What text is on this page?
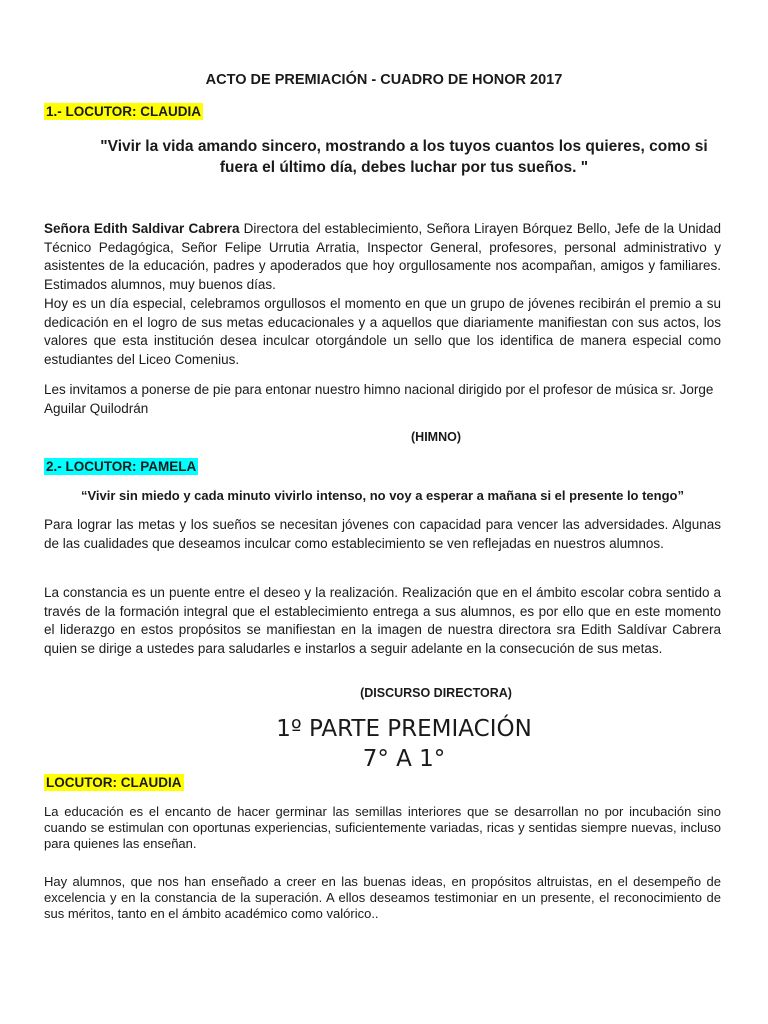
ACTO DE PREMIACIÓN - CUADRO DE HONOR 2017

1.- LOCUTOR: CLAUDIA

"Vivir la vida amando sincero, mostrando a los tuyos cuantos los quieres, como si fuera el último día, debes luchar por tus sueños. "

Señora Edith Saldivar Cabrera Directora del establecimiento, Señora Lirayen Bórquez Bello, Jefe de la Unidad Técnico Pedagógica, Señor Felipe Urrutia Arratia, Inspector General, profesores, personal administrativo y asistentes de la educación, padres y apoderados que hoy orgullosamente nos acompañan, amigos y familiares. Estimados alumnos, muy buenos días.

Hoy es un día especial, celebramos orgullosos el momento en que un grupo de jóvenes recibirán el premio a su dedicación en el logro de sus metas educacionales y a aquellos que diariamente manifiestan con sus actos, los valores que esta institución desea inculcar otorgándole un sello que los identifica de manera especial como estudiantes del Liceo Comenius.

Les invitamos a ponerse de pie para entonar nuestro himno nacional dirigido por el profesor de música sr. Jorge Aguilar Quilodrán

(HIMNO)

2.- LOCUTOR: PAMELA

“Vivir sin miedo y cada minuto vivirlo intenso, no voy a esperar a mañana si el presente lo tengo”

Para lograr las metas y los sueños se necesitan jóvenes con capacidad para vencer las adversidades. Algunas de las cualidades que deseamos inculcar como establecimiento se ven reflejadas en nuestros alumnos.

La constancia es un puente entre el deseo y la realización. Realización que en el ámbito escolar cobra sentido a través de la formación integral que el establecimiento entrega a sus alumnos, es por ello que en este momento el liderazgo en estos propósitos se manifiestan en la imagen de nuestra directora sra Edith Saldívar Cabrera quien se dirige a ustedes para saludarles e instarlos a seguir adelante en la consecución de sus metas.

(DISCURSO DIRECTORA)

1º PARTE PREMIACIÓN

7° A 1°

LOCUTOR: CLAUDIA

La educación es el encanto de hacer germinar las semillas interiores que se desarrollan no por incubación sino cuando se estimulan con oportunas experiencias, suficientemente variadas, ricas y sentidas siempre nuevas, incluso para quienes las enseñan.

Hay alumnos, que nos han enseñado a creer en las buenas ideas, en propósitos altruistas, en el desempeño de excelencia y en la constancia de la superación. A ellos deseamos testimoniar en un presente, el reconocimiento de sus méritos, tanto en el ámbito académico como valórico..
